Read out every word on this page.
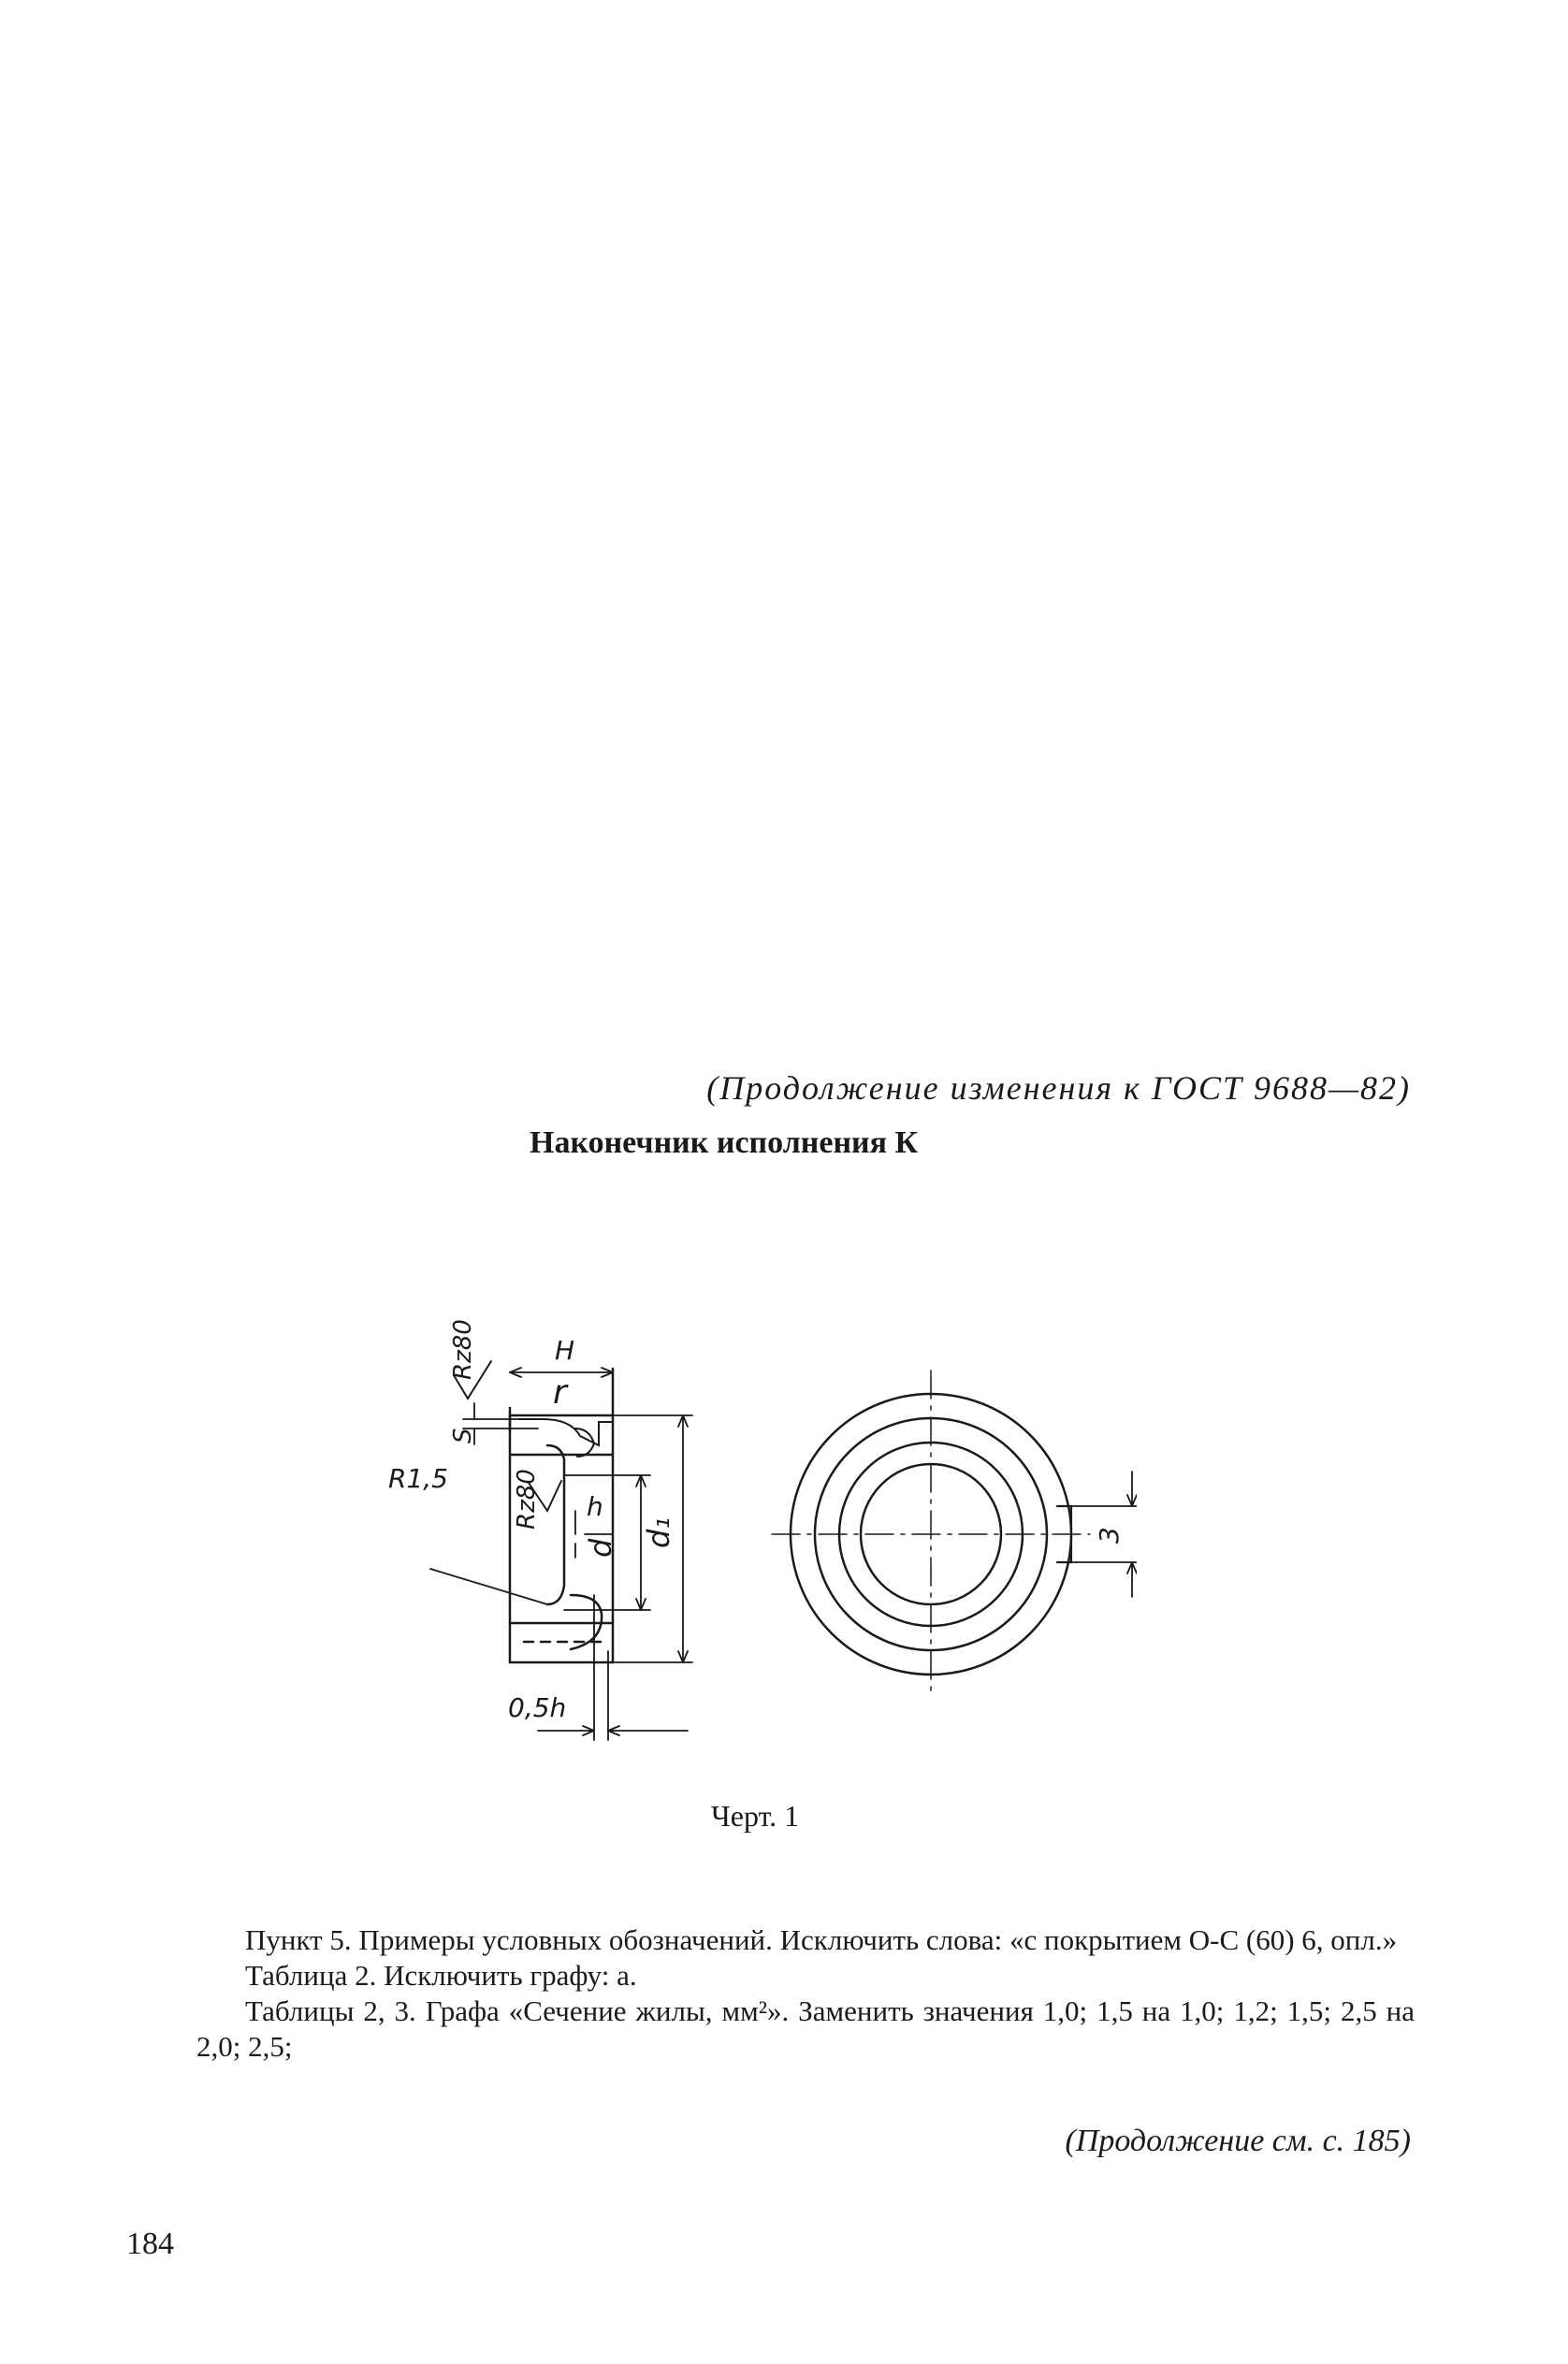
(Продолжение изменения к ГОСТ 9688—82)
Наконечник исполнения К
Rz80	H
S
r
R1,5	Rz80 h
d d₁
0,5h
3
Черт. 1

Пункт 5. Примеры условных обозначений. Исключить слова: «с покрытием О-С (60) 6, опл.»

Таблица 2. Исключить графу: а.

Таблицы 2, 3. Графа «Сечение жилы, мм²». Заменить значения 1,0; 1,5 на 1,0; 1,2; 1,5; 2,5 на 2,0; 2,5;

(Продолжение см. с. 185)
184
